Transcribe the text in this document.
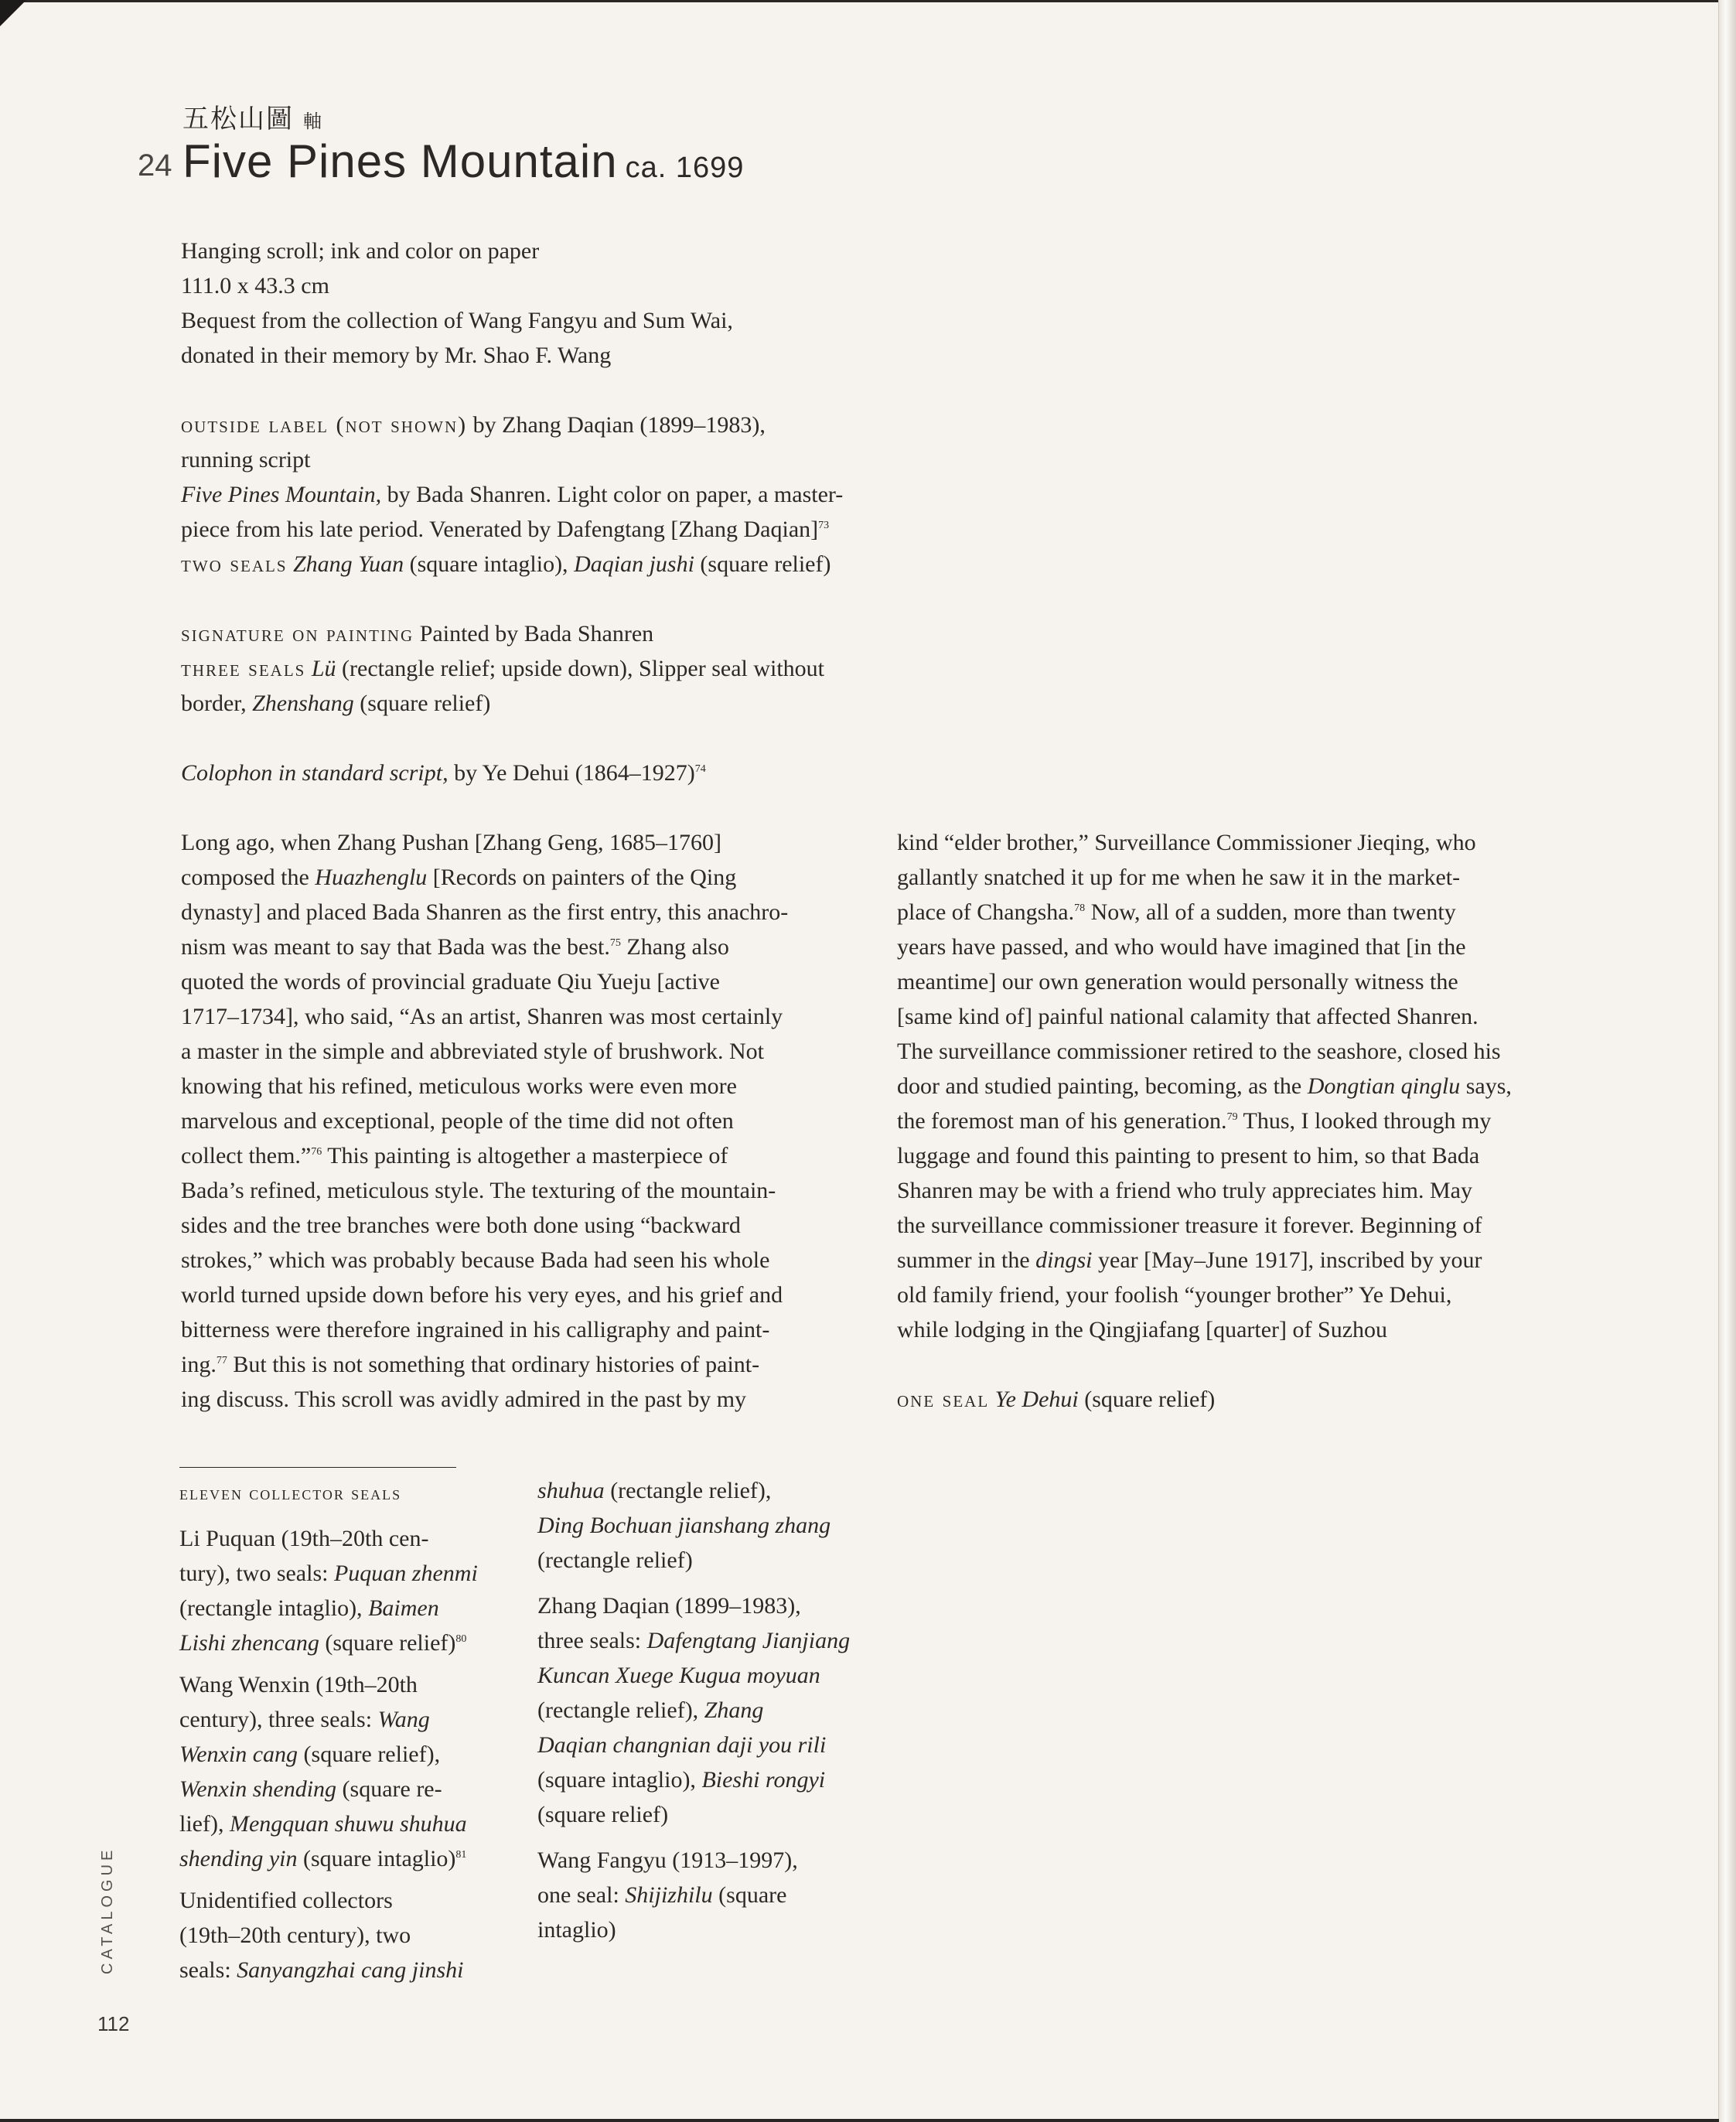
五松山圖 軸
24 Five Pines Mountain ca. 1699
Hanging scroll; ink and color on paper
111.0 x 43.3 cm
Bequest from the collection of Wang Fangyu and Sum Wai,
donated in their memory by Mr. Shao F. Wang
outside label (not shown) by Zhang Daqian (1899–1983),
running script
Five Pines Mountain, by Bada Shanren. Light color on paper, a master-
piece from his late period. Venerated by Dafengtang [Zhang Daqian]$^{73}$
two seals Zhang Yuan (square intaglio), Daqian jushi (square relief)
signature on painting Painted by Bada Shanren
three seals Lü (rectangle relief; upside down), Slipper seal without
border, Zhenshang (square relief)
Colophon in standard script, by Ye Dehui (1864–1927)$^{74}$
Long ago, when Zhang Pushan [Zhang Geng, 1685–1760]
composed the Huazhenglu [Records on painters of the Qing
dynasty] and placed Bada Shanren as the first entry, this anachro-
nism was meant to say that Bada was the best.$^{75}$ Zhang also
quoted the words of provincial graduate Qiu Yueju [active
1717–1734], who said, “As an artist, Shanren was most certainly
a master in the simple and abbreviated style of brushwork. Not
knowing that his refined, meticulous works were even more
marvelous and exceptional, people of the time did not often
collect them.”$^{76}$ This painting is altogether a masterpiece of
Bada’s refined, meticulous style. The texturing of the mountain-
sides and the tree branches were both done using “backward
strokes,” which was probably because Bada had seen his whole
world turned upside down before his very eyes, and his grief and
bitterness were therefore ingrained in his calligraphy and paint-
ing.$^{77}$ But this is not something that ordinary histories of paint-
ing discuss. This scroll was avidly admired in the past by my
kind “elder brother,” Surveillance Commissioner Jieqing, who
gallantly snatched it up for me when he saw it in the market-
place of Changsha.$^{78}$ Now, all of a sudden, more than twenty
years have passed, and who would have imagined that [in the
meantime] our own generation would personally witness the
[same kind of] painful national calamity that affected Shanren.
The surveillance commissioner retired to the seashore, closed his
door and studied painting, becoming, as the Dongtian qinglu says,
the foremost man of his generation.$^{79}$ Thus, I looked through my
luggage and found this painting to present to him, so that Bada
Shanren may be with a friend who truly appreciates him. May
the surveillance commissioner treasure it forever. Beginning of
summer in the dingsi year [May–June 1917], inscribed by your
old family friend, your foolish “younger brother” Ye Dehui,
while lodging in the Qingjiafang [quarter] of Suzhou
one seal Ye Dehui (square relief)
eleven collector seals
Li Puquan (19th–20th cen-
tury), two seals: Puquan zhenmi
(rectangle intaglio), Baimen
Lishi zhencang (square relief)$^{80}$
Wang Wenxin (19th–20th
century), three seals: Wang
Wenxin cang (square relief),
Wenxin shending (square re-
lief), Mengquan shuwu shuhua
shending yin (square intaglio)$^{81}$
Unidentified collectors
(19th–20th century), two
seals: Sanyangzhai cang jinshi
shuhua (rectangle relief),
Ding Bochuan jianshang zhang
(rectangle relief)
Zhang Daqian (1899–1983),
three seals: Dafengtang Jianjiang
Kuncan Xuege Kugua moyuan
(rectangle relief), Zhang
Daqian changnian daji you rili
(square intaglio), Bieshi rongyi
(square relief)
Wang Fangyu (1913–1997),
one seal: Shijizhilu (square
intaglio)
CATALOGUE
112
